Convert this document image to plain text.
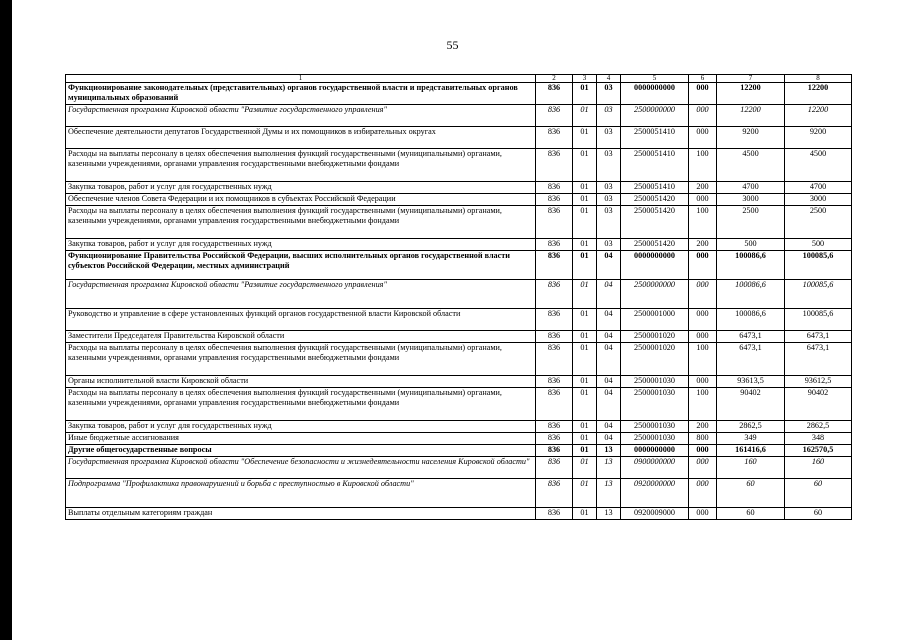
55
1	2	3	4	5	6	7	8
Функционирование законодательных (представительных) органов государственной власти и представительных органов муниципальных образований	836	01	03	0000000000	000	12200	12200
Государственная программа Кировской области "Развитие государственного управления"	836	01	03	2500000000	000	12200	12200
Обеспечение деятельности депутатов Государственной Думы и их помощников в избирательных округах	836	01	03	2500051410	000	9200	9200
Расходы на выплаты персоналу в целях обеспечения выполнения функций государственными (муниципальными) органами, казенными учреждениями, органами управления государственными внебюджетными фондами	836	01	03	2500051410	100	4500	4500
Закупка товаров, работ и услуг для государственных нужд	836	01	03	2500051410	200	4700	4700
Обеспечение членов Совета Федерации и их помощников в субъектах Российской Федерации	836	01	03	2500051420	000	3000	3000
Расходы на выплаты персоналу в целях обеспечения выполнения функций государственными (муниципальными) органами, казенными учреждениями, органами управления государственными внебюджетными фондами	836	01	03	2500051420	100	2500	2500
Закупка товаров, работ и услуг для государственных нужд	836	01	03	2500051420	200	500	500
Функционирование Правительства Российской Федерации, высших исполнительных органов государственной власти субъектов Российской Федерации, местных администраций	836	01	04	0000000000	000	100086,6	100085,6
Государственная программа Кировской области "Развитие государственного управления"	836	01	04	2500000000	000	100086,6	100085,6
Руководство и управление в сфере установленных функций органов государственной власти Кировской области	836	01	04	2500001000	000	100086,6	100085,6
Заместители Председателя Правительства Кировской области	836	01	04	2500001020	000	6473,1	6473,1
Расходы на выплаты персоналу в целях обеспечения выполнения функций государственными (муниципальными) органами, казенными учреждениями, органами управления государственными внебюджетными фондами	836	01	04	2500001020	100	6473,1	6473,1
Органы исполнительной власти Кировской области	836	01	04	2500001030	000	93613,5	93612,5
Расходы на выплаты персоналу в целях обеспечения выполнения функций государственными (муниципальными) органами, казенными учреждениями, органами управления государственными внебюджетными фондами	836	01	04	2500001030	100	90402	90402
Закупка товаров, работ и услуг для государственных нужд	836	01	04	2500001030	200	2862,5	2862,5
Иные бюджетные ассигнования	836	01	04	2500001030	800	349	348
Другие общегосударственные вопросы	836	01	13	0000000000	000	161416,6	162570,5
Государственная программа Кировской области "Обеспечение безопасности и жизнедеятельности населения Кировской области"	836	01	13	0900000000	000	160	160
Подпрограмма "Профилактика правонарушений и борьба с преступностью в Кировской области"	836	01	13	0920000000	000	60	60
Выплаты отдельным категориям граждан	836	01	13	0920009000	000	60	60
